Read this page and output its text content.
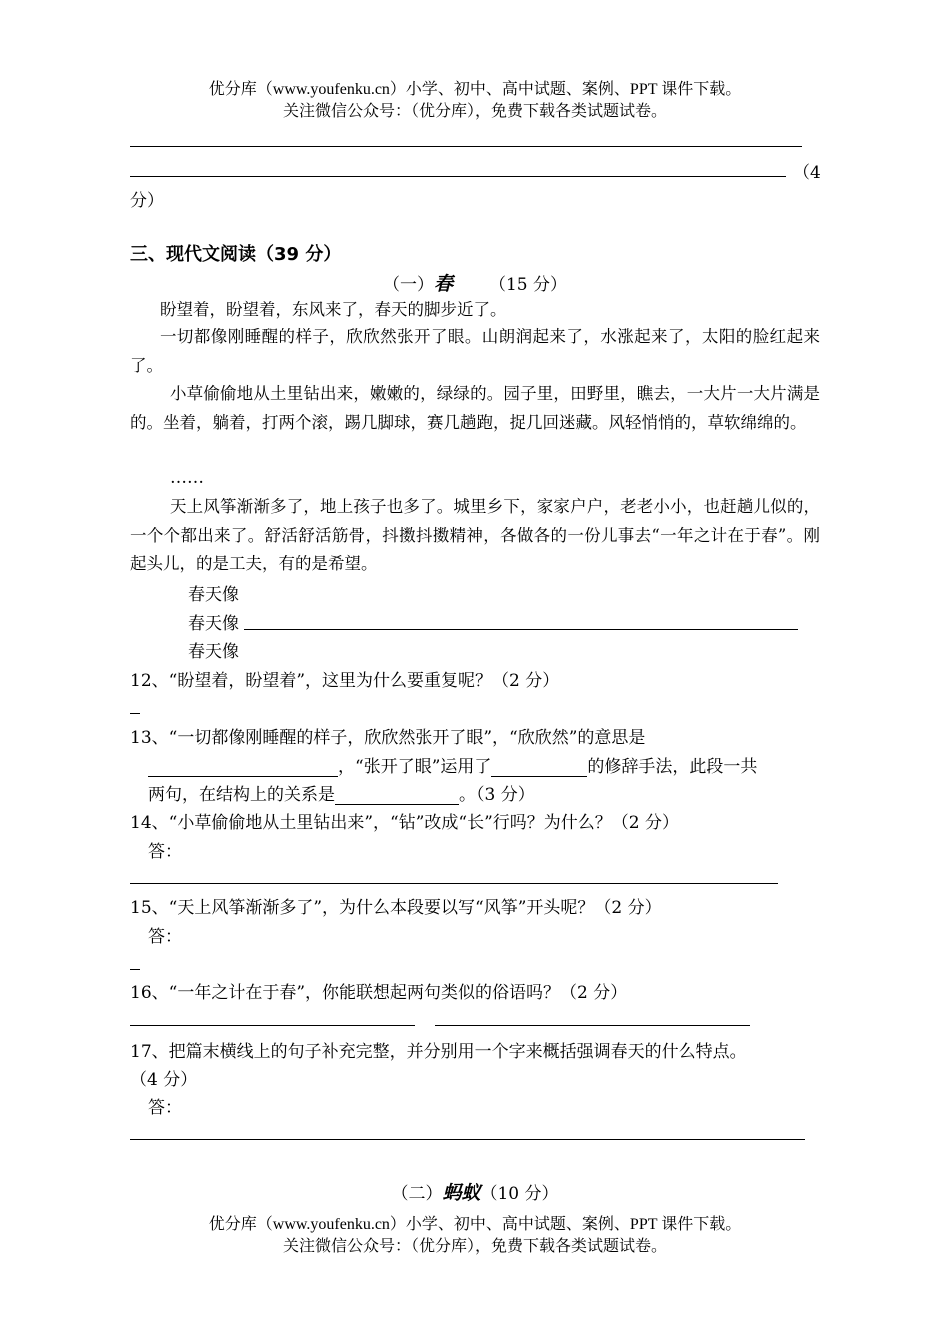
优分库（www.youfenku.cn）小学、初中、高中试题、案例、PPT 课件下载。
关注微信公众号：（优分库），免费下载各类试题试卷。
（4
分）
三、现代文阅读（39 分）
（一）春 （15 分）
盼望着，盼望着，东风来了，春天的脚步近了。
一切都像刚睡醒的样子，欣欣然张开了眼。山朗润起来了，水涨起来了，太阳的脸红起来了。
小草偷偷地从土里钻出来，嫩嫩的，绿绿的。园子里，田野里，瞧去，一大片一大片满是的。坐着，躺着，打两个滚，踢几脚球，赛几趟跑，捉几回迷藏。风轻悄悄的，草软绵绵的。
……
天上风筝渐渐多了，地上孩子也多了。城里乡下，家家户户，老老小小，也赶趟儿似的，一个个都出来了。舒活舒活筋骨，抖擞抖擞精神，各做各的一份儿事去“一年之计在于春”。刚起头儿，的是工夫，有的是希望。
春天像
春天像
春天像
12、“盼望着，盼望着”，这里为什么要重复呢？（2 分）
13、“一切都像刚睡醒的样子，欣欣然张开了眼”，“欣欣然”的意思是
，“张开了眼”运用了	的修辞手法，此段一共
两句，在结构上的关系是	。（3 分）
14、“小草偷偷地从土里钻出来”，“钻”改成“长”行吗？为什么？（2 分）
答：
15、“天上风筝渐渐多了”，为什么本段要以写“风筝”开头呢？（2 分）
答：
16、“一年之计在于春”，你能联想起两句类似的俗语吗？（2 分）
17、把篇末横线上的句子补充完整，并分别用一个字来概括强调春天的什么特点。
（4 分）
答：
（二）蚂蚁（10 分）
优分库（www.youfenku.cn）小学、初中、高中试题、案例、PPT 课件下载。
关注微信公众号：（优分库），免费下载各类试题试卷。
